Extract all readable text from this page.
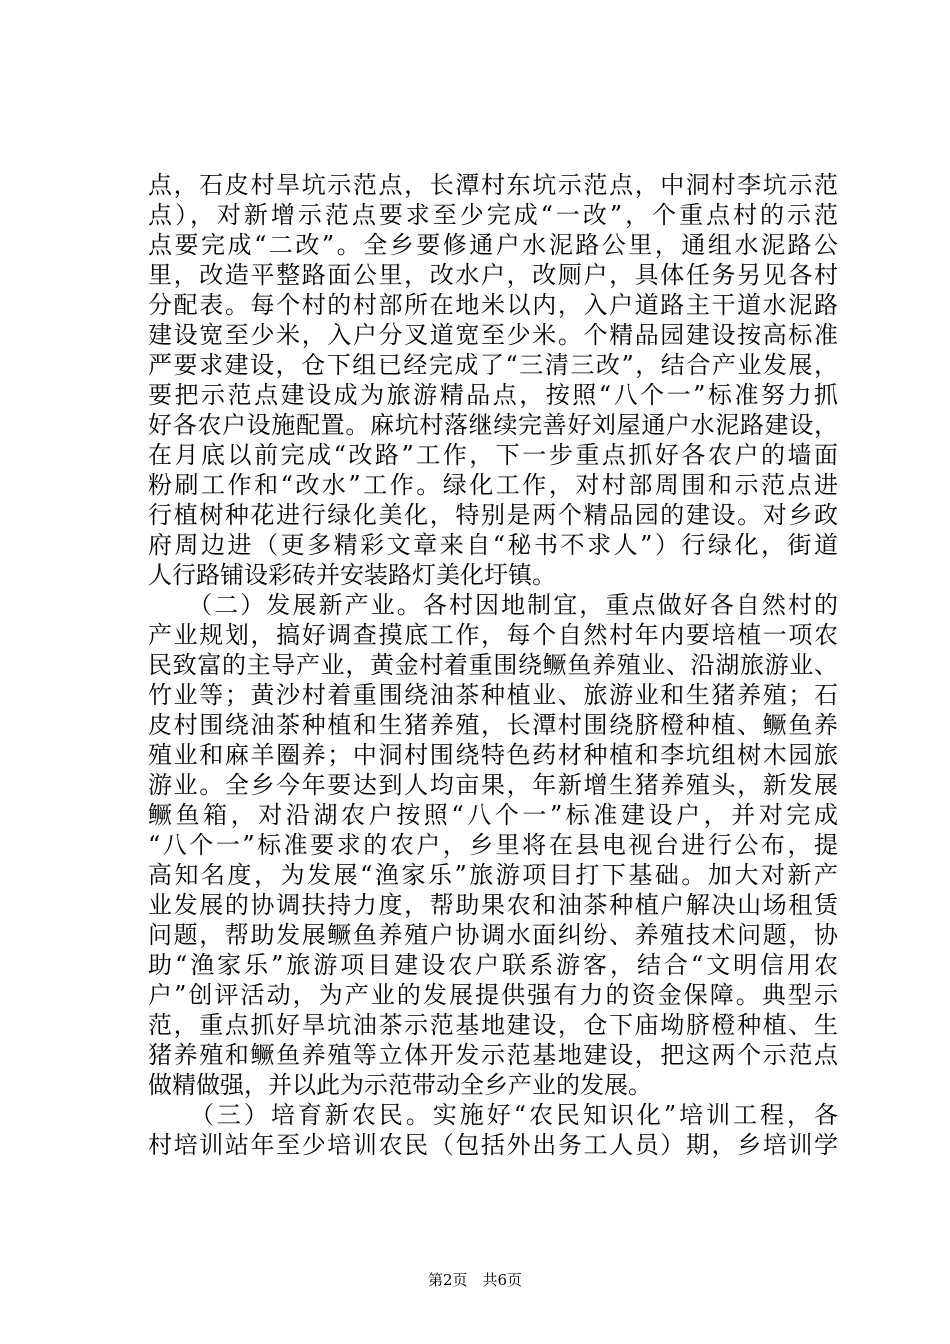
点，石皮村旱坑示范点，长潭村东坑示范点，中洞村李坑示范
点），对新增示范点要求至少完成“一改”，个重点村的示范
点要完成“二改”。全乡要修通户水泥路公里，通组水泥路公
里，改造平整路面公里，改水户，改厕户，具体任务另见各村
分配表。每个村的村部所在地米以内，入户道路主干道水泥路
建设宽至少米，入户分叉道宽至少米。个精品园建设按高标准
严要求建设，仓下组已经完成了“三清三改”，结合产业发展，
要把示范点建设成为旅游精品点，按照“八个一”标准努力抓
好各农户设施配置。麻坑村落继续完善好刘屋通户水泥路建设，
在月底以前完成“改路”工作，下一步重点抓好各农户的墙面
粉刷工作和“改水”工作。绿化工作，对村部周围和示范点进
行植树种花进行绿化美化，特别是两个精品园的建设。对乡政
府周边进（更多精彩文章来自“秘书不求人”）行绿化，街道
人行路铺设彩砖并安装路灯美化圩镇。
　　（二）发展新产业。各村因地制宜，重点做好各自然村的
产业规划，搞好调查摸底工作，每个自然村年内要培植一项农
民致富的主导产业，黄金村着重围绕鳜鱼养殖业、沿湖旅游业、
竹业等；黄沙村着重围绕油茶种植业、旅游业和生猪养殖；石
皮村围绕油茶种植和生猪养殖，长潭村围绕脐橙种植、鳜鱼养
殖业和麻羊圈养；中洞村围绕特色药材种植和李坑组树木园旅
游业。全乡今年要达到人均亩果，年新增生猪养殖头，新发展
鳜鱼箱，对沿湖农户按照“八个一”标准建设户，并对完成
“八个一”标准要求的农户，乡里将在县电视台进行公布，提
高知名度，为发展“渔家乐”旅游项目打下基础。加大对新产
业发展的协调扶持力度，帮助果农和油茶种植户解决山场租赁
问题，帮助发展鳜鱼养殖户协调水面纠纷、养殖技术问题，协
助“渔家乐”旅游项目建设农户联系游客，结合“文明信用农
户”创评活动，为产业的发展提供强有力的资金保障。典型示
范，重点抓好旱坑油茶示范基地建设，仓下庙坳脐橙种植、生
猪养殖和鳜鱼养殖等立体开发示范基地建设，把这两个示范点
做精做强，并以此为示范带动全乡产业的发展。
　　（三）培育新农民。实施好“农民知识化”培训工程，各
村培训站年至少培训农民（包括外出务工人员）期，乡培训学
第2页　共6页
